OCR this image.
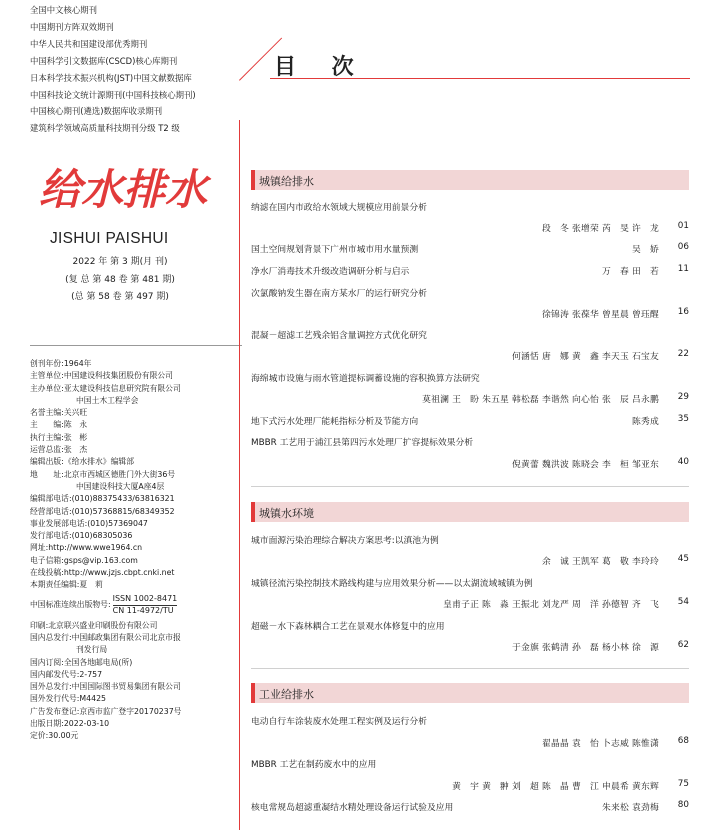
全国中文核心期刊
中国期刊方阵双效期刊
中华人民共和国建设部优秀期刊
中国科学引文数据库(CSCD)核心库期刊
日本科学技术振兴机构(JST)中国文献数据库
中国科技论文统计源期刊(中国科技核心期刊)
中国核心期刊(遴选)数据库收录期刊
建筑科学领域高质量科技期刊分级 T2 级
给水排水
JISHUI PAISHUI
2022 年 第 3 期(月 刊)
(复 总 第 48 卷 第 481 期)
(总 第 58 卷 第 497 期)
创刊年份: 1964年
主管单位: 中国建设科技集团股份有限公司
主办单位: 亚太建设科技信息研究院有限公司
中国土木工程学会
名誉主编: 关兴旺
主　　编: 陈　永
执行主编: 张　彬
运营总监: 张　杰
编辑出版: 《给水排水》编辑部
地　　址: 北京市西城区德胜门外大街36号
中国建设科技大厦A座4层
编辑部电话: (010)88375433/63816321
经营部电话: (010)57368815/68349352
事业发展部电话: (010)57369047
发行部电话: (010)68305036
网址: http://www.wwe1964.cn
电子信箱: gsps@vip.163.com
在线投稿: http://www.jzjs.cbpt.cnki.net
本期责任编辑: 夏　莉
中国标准连续出版物号:
ISSN 1002-8471
CN 11-4972/TU
印刷: 北京联兴盛业印刷股份有限公司
国内总发行: 中国邮政集团有限公司北京市报
刊发行局
国内订阅: 全国各地邮电局(所)
国内邮发代号: 2-757
国外总发行: 中国国际图书贸易集团有限公司
国外发行代号: M4425
广告发布登记: 京西市监广登字20170237号
出版日期: 2022-03-10
定价: 30.00元
目 次
城镇给排水
纳滤在国内市政给水领域大规模应用前景分析
段　冬 张增荣 芮　旻 许　龙	01
国土空间规划背景下广州市城市用水量预测	吴　娇	06
净水厂消毒技术升级改造调研分析与启示	万　春 田　若	11
次氯酸钠发生器在南方某水厂的运行研究分析
徐锦涛 张葆华 曾星晨 曾珏醒	16
混凝－超滤工艺残余铝含量调控方式优化研究
何涵恬 唐　娜 黄　鑫 李天玉 石宝友	22
海绵城市设施与雨水管道提标调蓄设施的容积换算方法研究
莫祖澜 王　盼 朱五星 韩松磊 李谐然 向心怡 张　辰 吕永鹏	29
地下式污水处理厂能耗指标分析及节能方向	陈秀成	35
MBBR 工艺用于浦江县第四污水处理厂扩容提标效果分析
倪黄蕾 魏洪波 陈晓会 李　桓 邹亚东	40
城镇水环境
城市面源污染治理综合解决方案思考:以滇池为例
余　诚 王凯军 葛　敬 李玲玲	45
城镇径流污染控制技术路线构建与应用效果分析——以太湖流域城镇为例
皇甫子正 陈　淼 王振北 刘龙严 周　洋 孙德智 齐　飞	54
超磁－水下森林耦合工艺在景观水体修复中的应用
于金旗 张鹤清 孙　磊 杨小林 徐　源	62
工业给排水
电动自行车涂装废水处理工程实例及运行分析
翟晶晶 袁　怡 卜志威 陈惟潇	68
MBBR 工艺在制药废水中的应用
黄　宇 黄　翀 刘　超 陈　晶 曹　江 申晨希 黄东辉	75
核电常规岛超滤重凝结水精处理设备运行试验及应用	朱来松 袁劲梅	80
